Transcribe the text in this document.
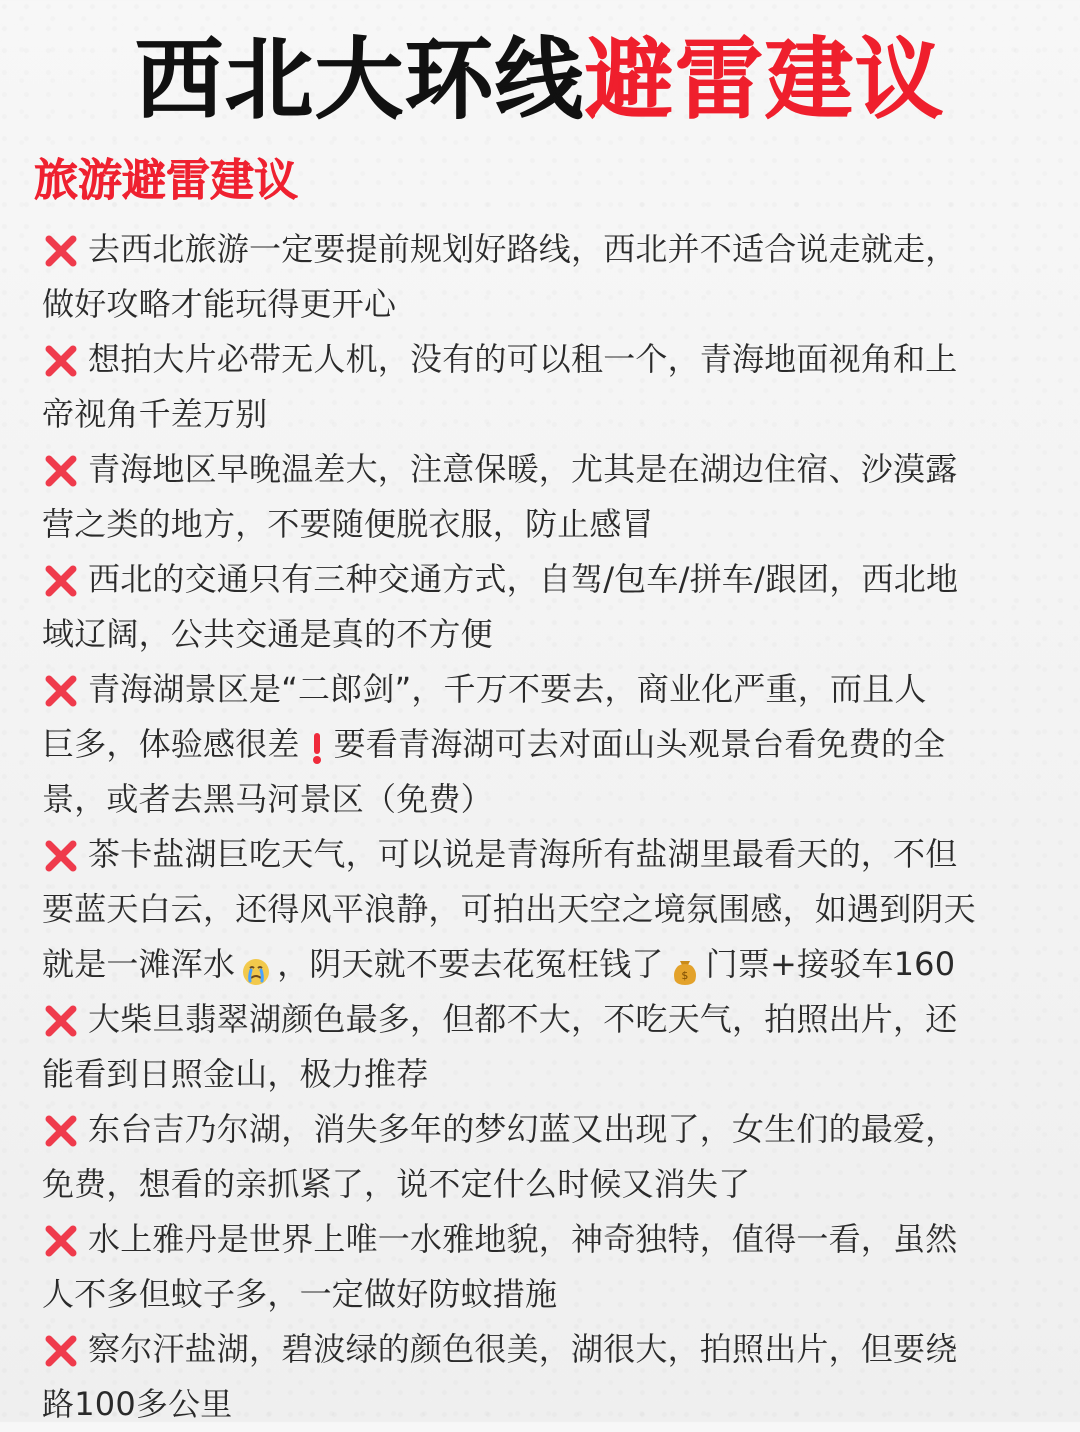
西北大环线避雷建议
旅游避雷建议
去西北旅游一定要提前规划好路线，西北并不适合说走就走，
做好攻略才能玩得更开心
想拍大片必带无人机，没有的可以租一个，青海地面视角和上
帝视角千差万别
青海地区早晚温差大，注意保暖，尤其是在湖边住宿、沙漠露
营之类的地方，不要随便脱衣服，防止感冒
西北的交通只有三种交通方式，自驾/包车/拼车/跟团，西北地
域辽阔，公共交通是真的不方便
青海湖景区是“二郎剑”，千万不要去，商业化严重，而且人
巨多，体验感很差 要看青海湖可去对面山头观景台看免费的全
景，或者去黑马河景区（免费）
茶卡盐湖巨吃天气，可以说是青海所有盐湖里最看天的，不但
要蓝天白云，还得风平浪静，可拍出天空之境氛围感，如遇到阴天
就是一滩浑水 ，阴天就不要去花冤枉钱了 $ 门票+接驳车160
大柴旦翡翠湖颜色最多，但都不大，不吃天气，拍照出片，还
能看到日照金山，极力推荐
东台吉乃尔湖，消失多年的梦幻蓝又出现了，女生们的最爱，
免费，想看的亲抓紧了，说不定什么时候又消失了
水上雅丹是世界上唯一水雅地貌，神奇独特，值得一看，虽然
人不多但蚊子多，一定做好防蚊措施
察尔汗盐湖，碧波绿的颜色很美，湖很大，拍照出片，但要绕
路100多公里
